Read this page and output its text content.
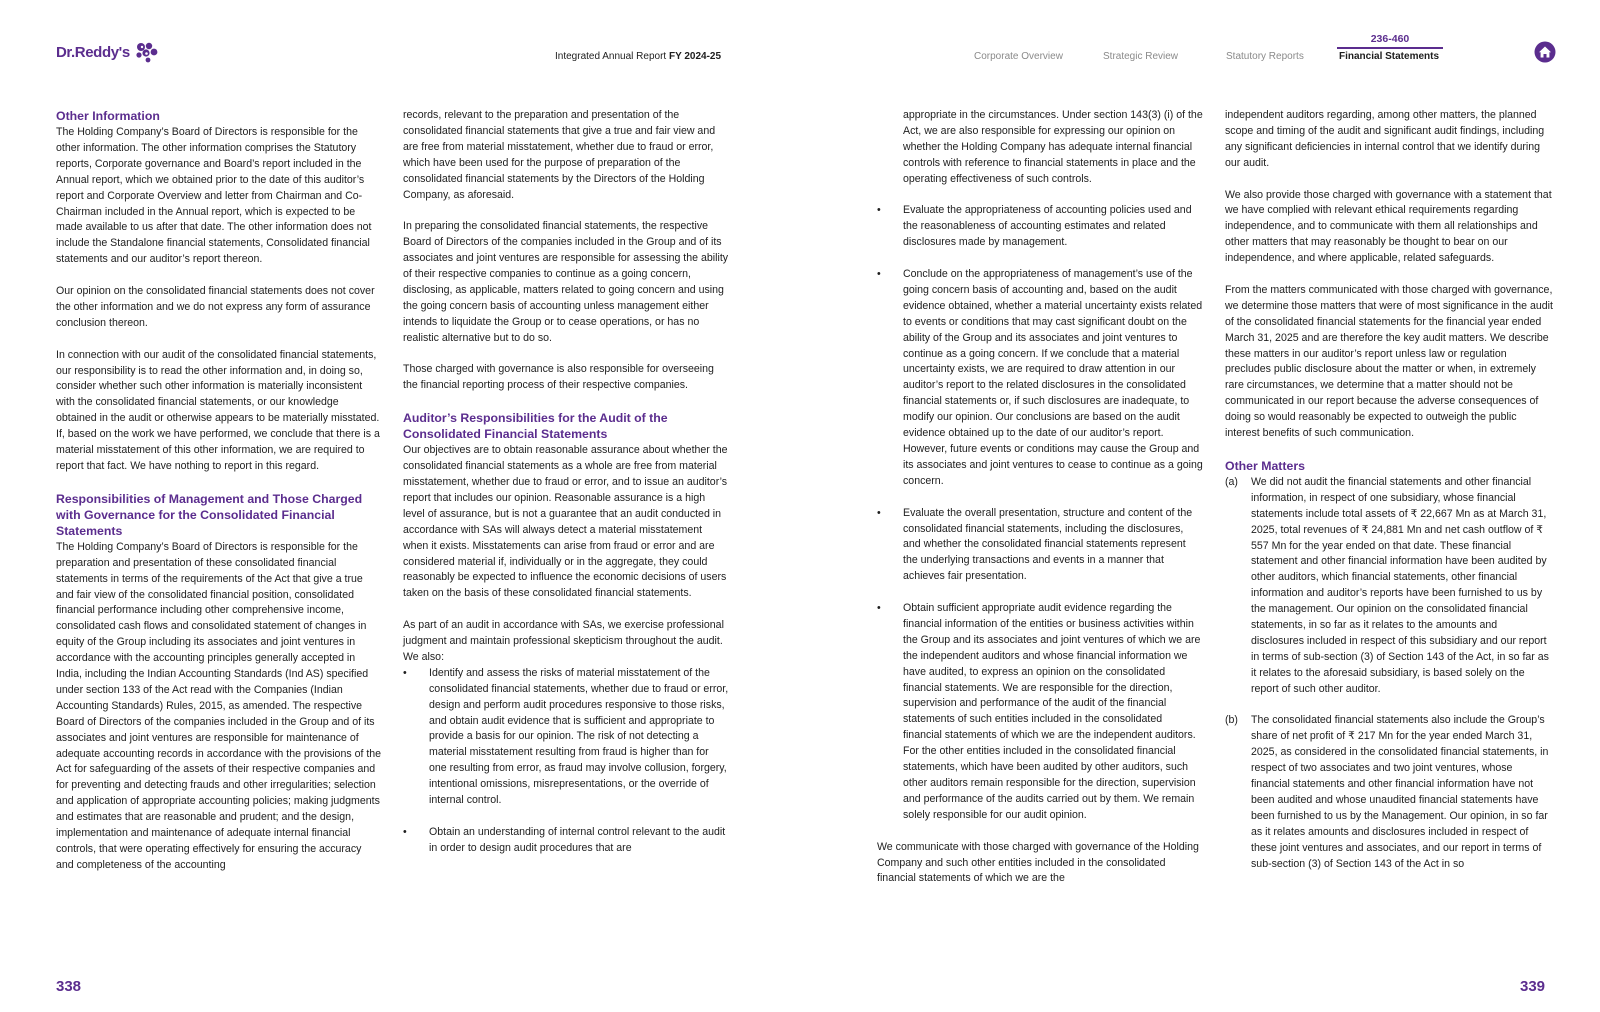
Dr.Reddy's	Integrated Annual Report FY 2024-25	Corporate Overview	Strategic Review	Statutory Reports
236-460
Financial Statements
Other Information

The Holding Company’s Board of Directors is responsible for the other information. The other information comprises the Statutory reports, Corporate governance and Board’s report included in the Annual report, which we obtained prior to the date of this auditor’s report and Corporate Overview and letter from Chairman and Co-Chairman included in the Annual report, which is expected to be made available to us after that date. The other information does not include the Standalone financial statements, Consolidated financial statements and our auditor’s report thereon.

Our opinion on the consolidated financial statements does not cover the other information and we do not express any form of assurance conclusion thereon.

In connection with our audit of the consolidated financial statements, our responsibility is to read the other information and, in doing so, consider whether such other information is materially inconsistent with the consolidated financial statements, or our knowledge obtained in the audit or otherwise appears to be materially misstated. If, based on the work we have performed, we conclude that there is a material misstatement of this other information, we are required to report that fact. We have nothing to report in this regard.

Responsibilities of Management and Those Charged with Governance for the Consolidated Financial Statements

The Holding Company’s Board of Directors is responsible for the preparation and presentation of these consolidated financial statements in terms of the requirements of the Act that give a true and fair view of the consolidated financial position, consolidated financial performance including other comprehensive income, consolidated cash flows and consolidated statement of changes in equity of the Group including its associates and joint ventures in accordance with the accounting principles generally accepted in India, including the Indian Accounting Standards (Ind AS) specified under section 133 of the Act read with the Companies (Indian Accounting Standards) Rules, 2015, as amended. The respective Board of Directors of the companies included in the Group and of its associates and joint ventures are responsible for maintenance of adequate accounting records in accordance with the provisions of the Act for safeguarding of the assets of their respective companies and for preventing and detecting frauds and other irregularities; selection and application of appropriate accounting policies; making judgments and estimates that are reasonable and prudent; and the design, implementation and maintenance of adequate internal financial controls, that were operating effectively for ensuring the accuracy and completeness of the accounting

records, relevant to the preparation and presentation of the consolidated financial statements that give a true and fair view and are free from material misstatement, whether due to fraud or error, which have been used for the purpose of preparation of the consolidated financial statements by the Directors of the Holding Company, as aforesaid.

In preparing the consolidated financial statements, the respective Board of Directors of the companies included in the Group and of its associates and joint ventures are responsible for assessing the ability of their respective companies to continue as a going concern, disclosing, as applicable, matters related to going concern and using the going concern basis of accounting unless management either intends to liquidate the Group or to cease operations, or has no realistic alternative but to do so.

Those charged with governance is also responsible for overseeing the financial reporting process of their respective companies.

Auditor’s Responsibilities for the Audit of the Consolidated Financial Statements

Our objectives are to obtain reasonable assurance about whether the consolidated financial statements as a whole are free from material misstatement, whether due to fraud or error, and to issue an auditor’s report that includes our opinion. Reasonable assurance is a high level of assurance, but is not a guarantee that an audit conducted in accordance with SAs will always detect a material misstatement when it exists. Misstatements can arise from fraud or error and are considered material if, individually or in the aggregate, they could reasonably be expected to influence the economic decisions of users taken on the basis of these consolidated financial statements.

As part of an audit in accordance with SAs, we exercise professional judgment and maintain professional skepticism throughout the audit. We also:

• Identify and assess the risks of material misstatement of the consolidated financial statements, whether due to fraud or error, design and perform audit procedures responsive to those risks, and obtain audit evidence that is sufficient and appropriate to provide a basis for our opinion. The risk of not detecting a material misstatement resulting from fraud is higher than for one resulting from error, as fraud may involve collusion, forgery, intentional omissions, misrepresentations, or the override of internal control.
• Obtain an understanding of internal control relevant to the audit in order to design audit procedures that are

appropriate in the circumstances. Under section 143(3) (i) of the Act, we are also responsible for expressing our opinion on whether the Holding Company has adequate internal financial controls with reference to financial statements in place and the operating effectiveness of such controls.

• Evaluate the appropriateness of accounting policies used and the reasonableness of accounting estimates and related disclosures made by management.
• Conclude on the appropriateness of management’s use of the going concern basis of accounting and, based on the audit evidence obtained, whether a material uncertainty exists related to events or conditions that may cast significant doubt on the ability of the Group and its associates and joint ventures to continue as a going concern. If we conclude that a material uncertainty exists, we are required to draw attention in our auditor’s report to the related disclosures in the consolidated financial statements or, if such disclosures are inadequate, to modify our opinion. Our conclusions are based on the audit evidence obtained up to the date of our auditor’s report. However, future events or conditions may cause the Group and its associates and joint ventures to cease to continue as a going concern.
• Evaluate the overall presentation, structure and content of the consolidated financial statements, including the disclosures, and whether the consolidated financial statements represent the underlying transactions and events in a manner that achieves fair presentation.
• Obtain sufficient appropriate audit evidence regarding the financial information of the entities or business activities within the Group and its associates and joint ventures of which we are the independent auditors and whose financial information we have audited, to express an opinion on the consolidated financial statements. We are responsible for the direction, supervision and performance of the audit of the financial statements of such entities included in the consolidated financial statements of which we are the independent auditors. For the other entities included in the consolidated financial statements, which have been audited by other auditors, such other auditors remain responsible for the direction, supervision and performance of the audits carried out by them. We remain solely responsible for our audit opinion.

We communicate with those charged with governance of the Holding Company and such other entities included in the consolidated financial statements of which we are the

independent auditors regarding, among other matters, the planned scope and timing of the audit and significant audit findings, including any significant deficiencies in internal control that we identify during our audit.

We also provide those charged with governance with a statement that we have complied with relevant ethical requirements regarding independence, and to communicate with them all relationships and other matters that may reasonably be thought to bear on our independence, and where applicable, related safeguards.

From the matters communicated with those charged with governance, we determine those matters that were of most significance in the audit of the consolidated financial statements for the financial year ended March 31, 2025 and are therefore the key audit matters. We describe these matters in our auditor’s report unless law or regulation precludes public disclosure about the matter or when, in extremely rare circumstances, we determine that a matter should not be communicated in our report because the adverse consequences of doing so would reasonably be expected to outweigh the public interest benefits of such communication.

Other Matters
(a) We did not audit the financial statements and other financial information, in respect of one subsidiary, whose financial statements include total assets of ₹ 22,667 Mn as at March 31, 2025, total revenues of ₹ 24,881 Mn and net cash outflow of ₹ 557 Mn for the year ended on that date. These financial statement and other financial information have been audited by other auditors, which financial statements, other financial information and auditor’s reports have been furnished to us by the management. Our opinion on the consolidated financial statements, in so far as it relates to the amounts and disclosures included in respect of this subsidiary and our report in terms of sub-section (3) of Section 143 of the Act, in so far as it relates to the aforesaid subsidiary, is based solely on the report of such other auditor.
(b) The consolidated financial statements also include the Group’s share of net profit of ₹ 217 Mn for the year ended March 31, 2025, as considered in the consolidated financial statements, in respect of two associates and two joint ventures, whose financial statements and other financial information have not been audited and whose unaudited financial statements have been furnished to us by the Management. Our opinion, in so far as it relates amounts and disclosures included in respect of these joint ventures and associates, and our report in terms of sub-section (3) of Section 143 of the Act in so
338	339
